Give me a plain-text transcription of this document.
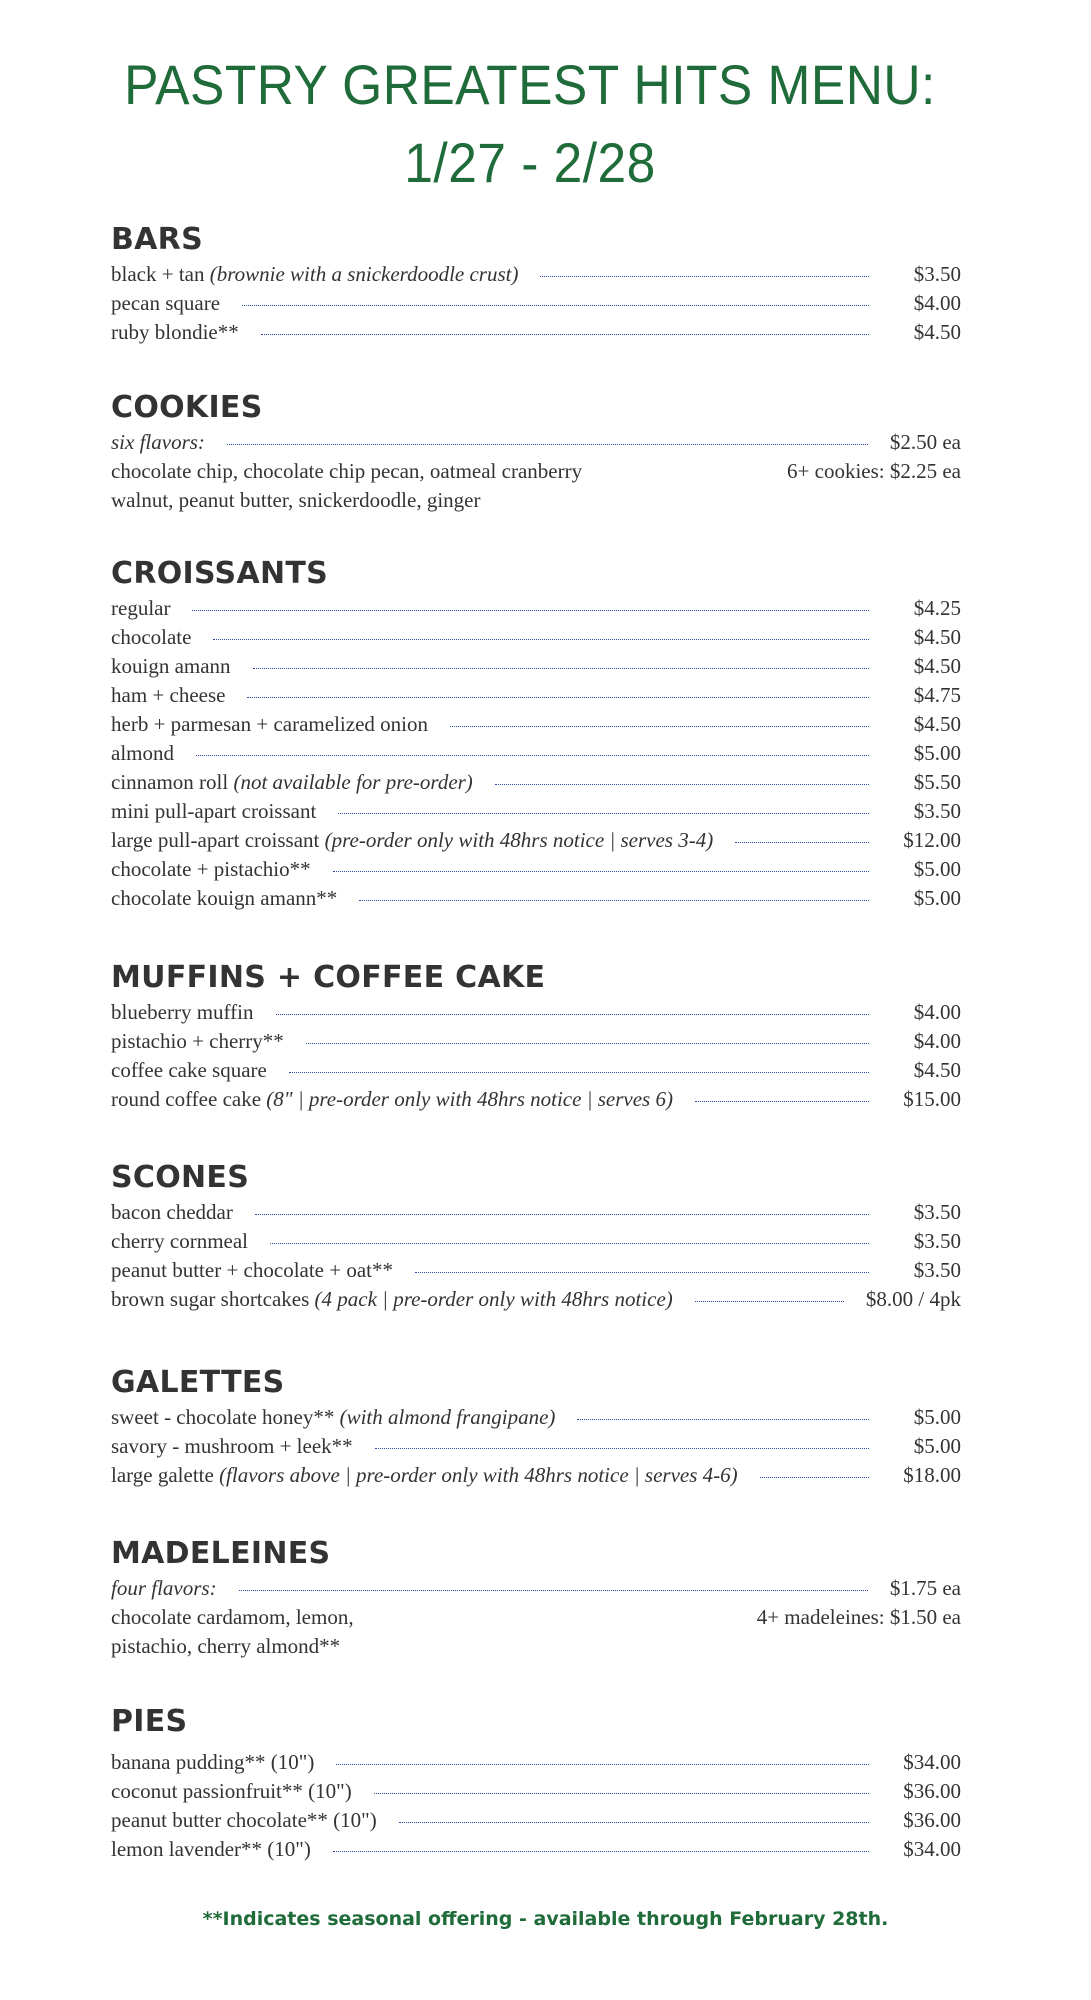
PASTRY GREATEST HITS MENU:
1/27 - 2/28
BARS
black + tan (brownie with a snickerdoodle crust)	$3.50
pecan square	$4.00
ruby blondie**	$4.50
COOKIES
six flavors:	$2.50 ea
chocolate chip, chocolate chip pecan, oatmeal cranberry	6+ cookies: $2.25 ea
walnut, peanut butter, snickerdoodle, ginger
CROISSANTS
regular	$4.25
chocolate	$4.50
kouign amann	$4.50
ham + cheese	$4.75
herb + parmesan + caramelized onion	$4.50
almond	$5.00
cinnamon roll (not available for pre-order)	$5.50
mini pull-apart croissant	$3.50
large pull-apart croissant (pre-order only with 48hrs notice | serves 3-4)	$12.00
chocolate + pistachio**	$5.00
chocolate kouign amann**	$5.00
MUFFINS + COFFEE CAKE
blueberry muffin	$4.00
pistachio + cherry**	$4.00
coffee cake square	$4.50
round coffee cake (8" | pre-order only with 48hrs notice | serves 6)	$15.00
SCONES
bacon cheddar	$3.50
cherry cornmeal	$3.50
peanut butter + chocolate + oat**	$3.50
brown sugar shortcakes (4 pack | pre-order only with 48hrs notice)	$8.00 / 4pk
GALETTES
sweet - chocolate honey** (with almond frangipane)	$5.00
savory - mushroom + leek**	$5.00
large galette (flavors above | pre-order only with 48hrs notice | serves 4-6)	$18.00
MADELEINES
four flavors:	$1.75 ea
chocolate cardamom, lemon,	4+ madeleines: $1.50 ea
pistachio, cherry almond**
PIES
banana pudding** (10")	$34.00
coconut passionfruit** (10")	$36.00
peanut butter chocolate** (10")	$36.00
lemon lavender** (10")	$34.00
**Indicates seasonal offering - available through February 28th.
